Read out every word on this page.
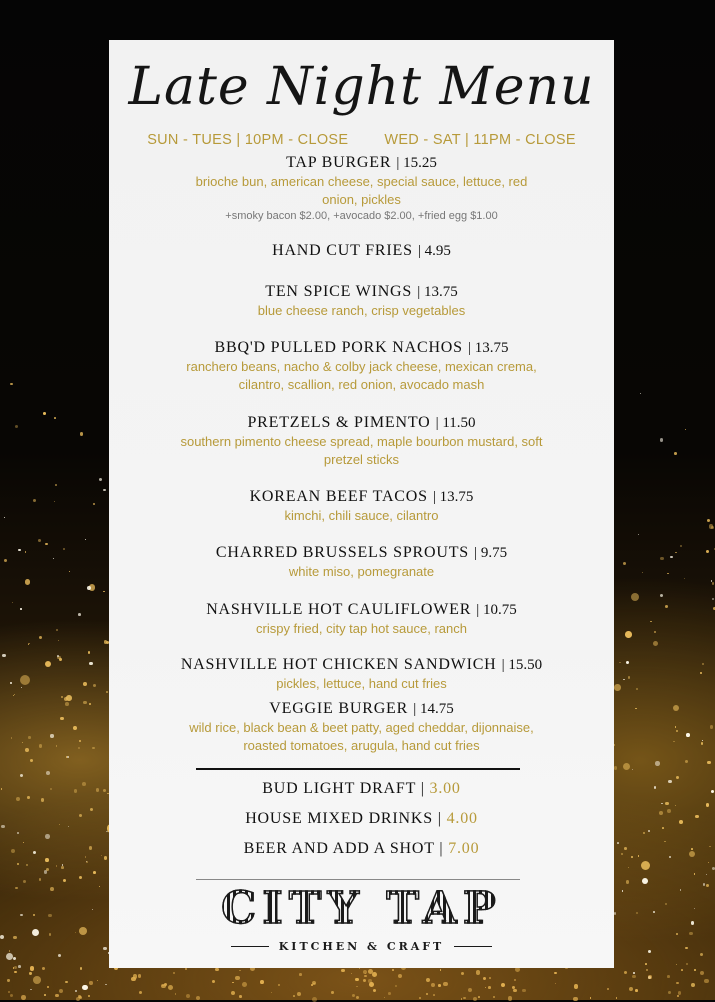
Late Night Menu
SUN - TUES | 10PM - CLOSE WED - SAT | 11PM - CLOSE
TAP BURGER | 15.25
brioche bun, american cheese, special sauce, lettuce, red onion, pickles
+smoky bacon $2.00, +avocado $2.00, +fried egg $1.00
HAND CUT FRIES | 4.95
TEN SPICE WINGS | 13.75
blue cheese ranch, crisp vegetables
BBQ'D PULLED PORK NACHOS | 13.75
ranchero beans, nacho & colby jack cheese, mexican crema, cilantro, scallion, red onion, avocado mash
PRETZELS & PIMENTO | 11.50
southern pimento cheese spread, maple bourbon mustard, soft pretzel sticks
KOREAN BEEF TACOS | 13.75
kimchi, chili sauce, cilantro
CHARRED BRUSSELS SPROUTS | 9.75
white miso, pomegranate
NASHVILLE HOT CAULIFLOWER | 10.75
crispy fried, city tap hot sauce, ranch
NASHVILLE HOT CHICKEN SANDWICH | 15.50
pickles, lettuce, hand cut fries
VEGGIE BURGER | 14.75
wild rice, black bean & beet patty, aged cheddar, dijonnaise, roasted tomatoes, arugula, hand cut fries
BUD LIGHT DRAFT | 3.00
HOUSE MIXED DRINKS | 4.00
BEER AND ADD A SHOT | 7.00
CITY TAP
KITCHEN & CRAFT
